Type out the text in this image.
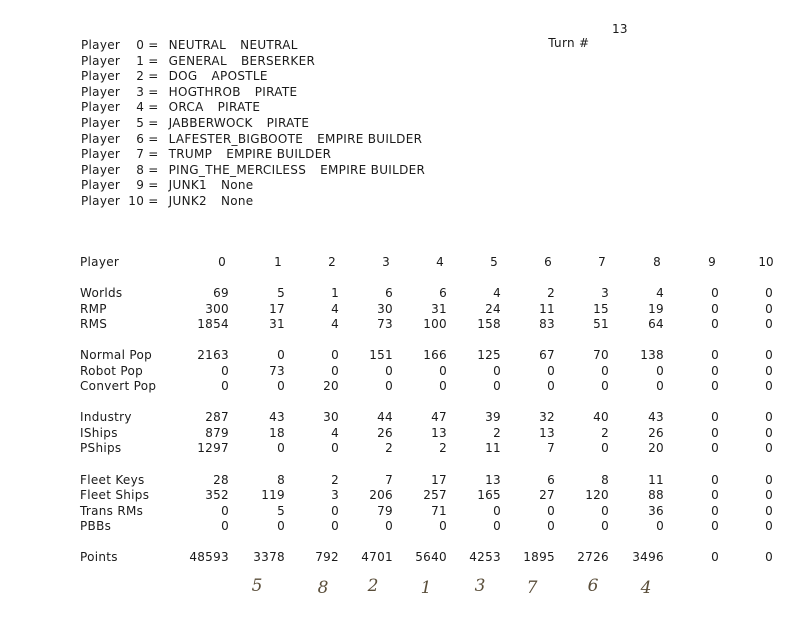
Turn #

13

Player 0 = NEUTRAL NEUTRAL
Player 1 = GENERAL BERSERKER
Player 2 = DOG APOSTLE
Player 3 = HOGTHROB PIRATE
Player 4 = ORCA PIRATE
Player 5 = JABBERWOCK PIRATE
Player 6 = LAFESTER_BIGBOOTE EMPIRE BUILDER
Player 7 = TRUMP EMPIRE BUILDER
Player 8 = PING_THE_MERCILESS EMPIRE BUILDER
Player 9 = JUNK1 None
Player 10 = JUNK2 None
Player	0	1	2	3	4	5	6	7	8	9	10
Worlds	69	5	1	6	6	4	2	3	4	0	0
RMP	300	17	4	30	31	24	11	15	19	0	0
RMS	1854	31	4	73	100	158	83	51	64	0	0
Normal Pop	2163	0	0	151	166	125	67	70	138	0	0
Robot Pop	0	73	0	0	0	0	0	0	0	0	0
Convert Pop	0	0	20	0	0	0	0	0	0	0	0
Industry	287	43	30	44	47	39	32	40	43	0	0
IShips	879	18	4	26	13	2	13	2	26	0	0
PShips	1297	0	0	2	2	11	7	0	20	0	0
Fleet Keys	28	8	2	7	17	13	6	8	11	0	0
Fleet Ships	352	119	3	206	257	165	27	120	88	0	0
Trans RMs	0	5	0	79	71	0	0	0	36	0	0
PBBs	0	0	0	0	0	0	0	0	0	0	0
Points	48593	3378	792	4701	5640	4253	1895	2726	3496	0	0
5	8	2	1	3	7	6	4
